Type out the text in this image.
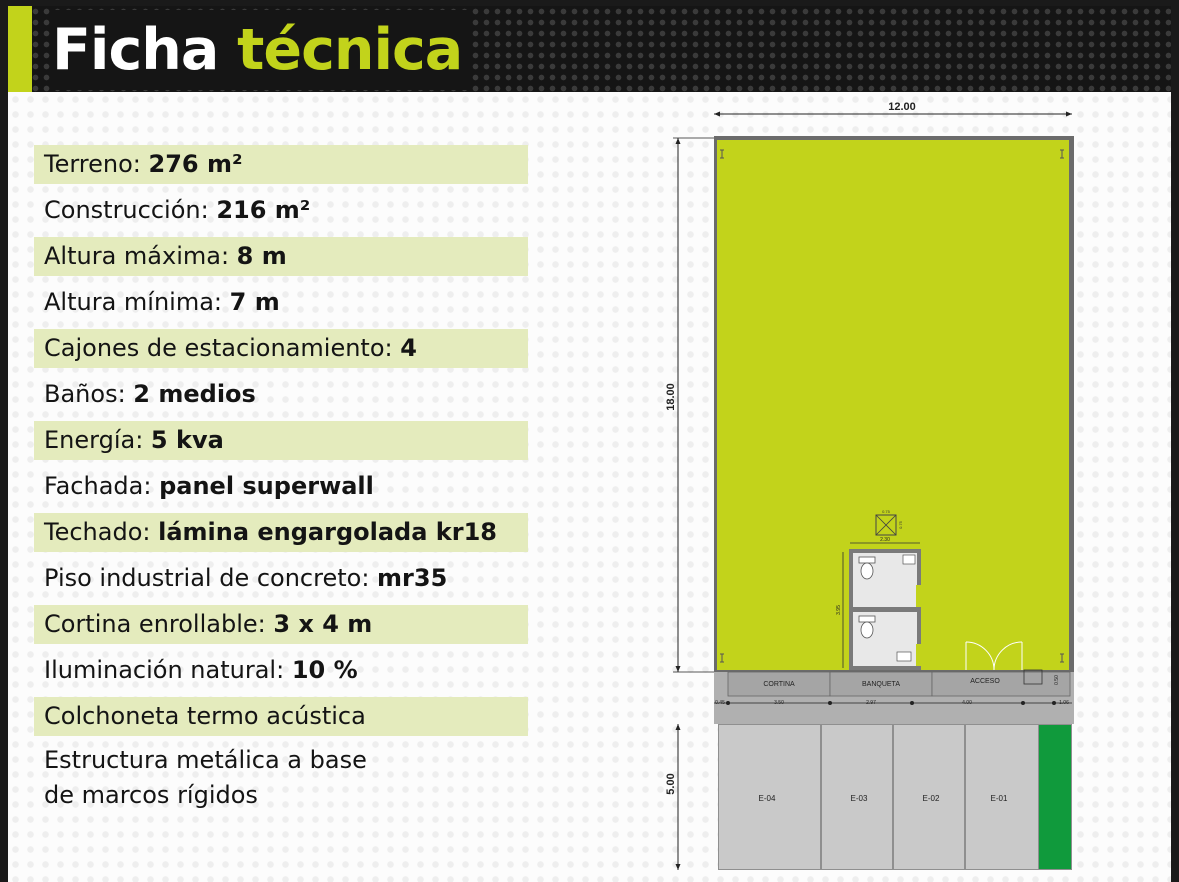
Ficha técnica
Terreno: 276 m²
Construcción: 216 m²
Altura máxima: 8 m
Altura mínima: 7 m
Cajones de estacionamiento: 4
Baños: 2 medios
Energía: 5 kva
Fachada: panel superwall
Techado: lámina engargolada kr18
Piso industrial de concreto: mr35
Cortina enrollable: 3 x 4 m
Iluminación natural: 10 %
Colchoneta termo acústica
Estructura metálica a base
de marcos rígidos
12.00
18.00
0.75
0.75
2.30
3.95
CORTINA	BANQUETA	ACCESO
0.45	3.50	2.97	4.00	1.06
0.50
E-04	E-03	E-02	E-01
5.00
